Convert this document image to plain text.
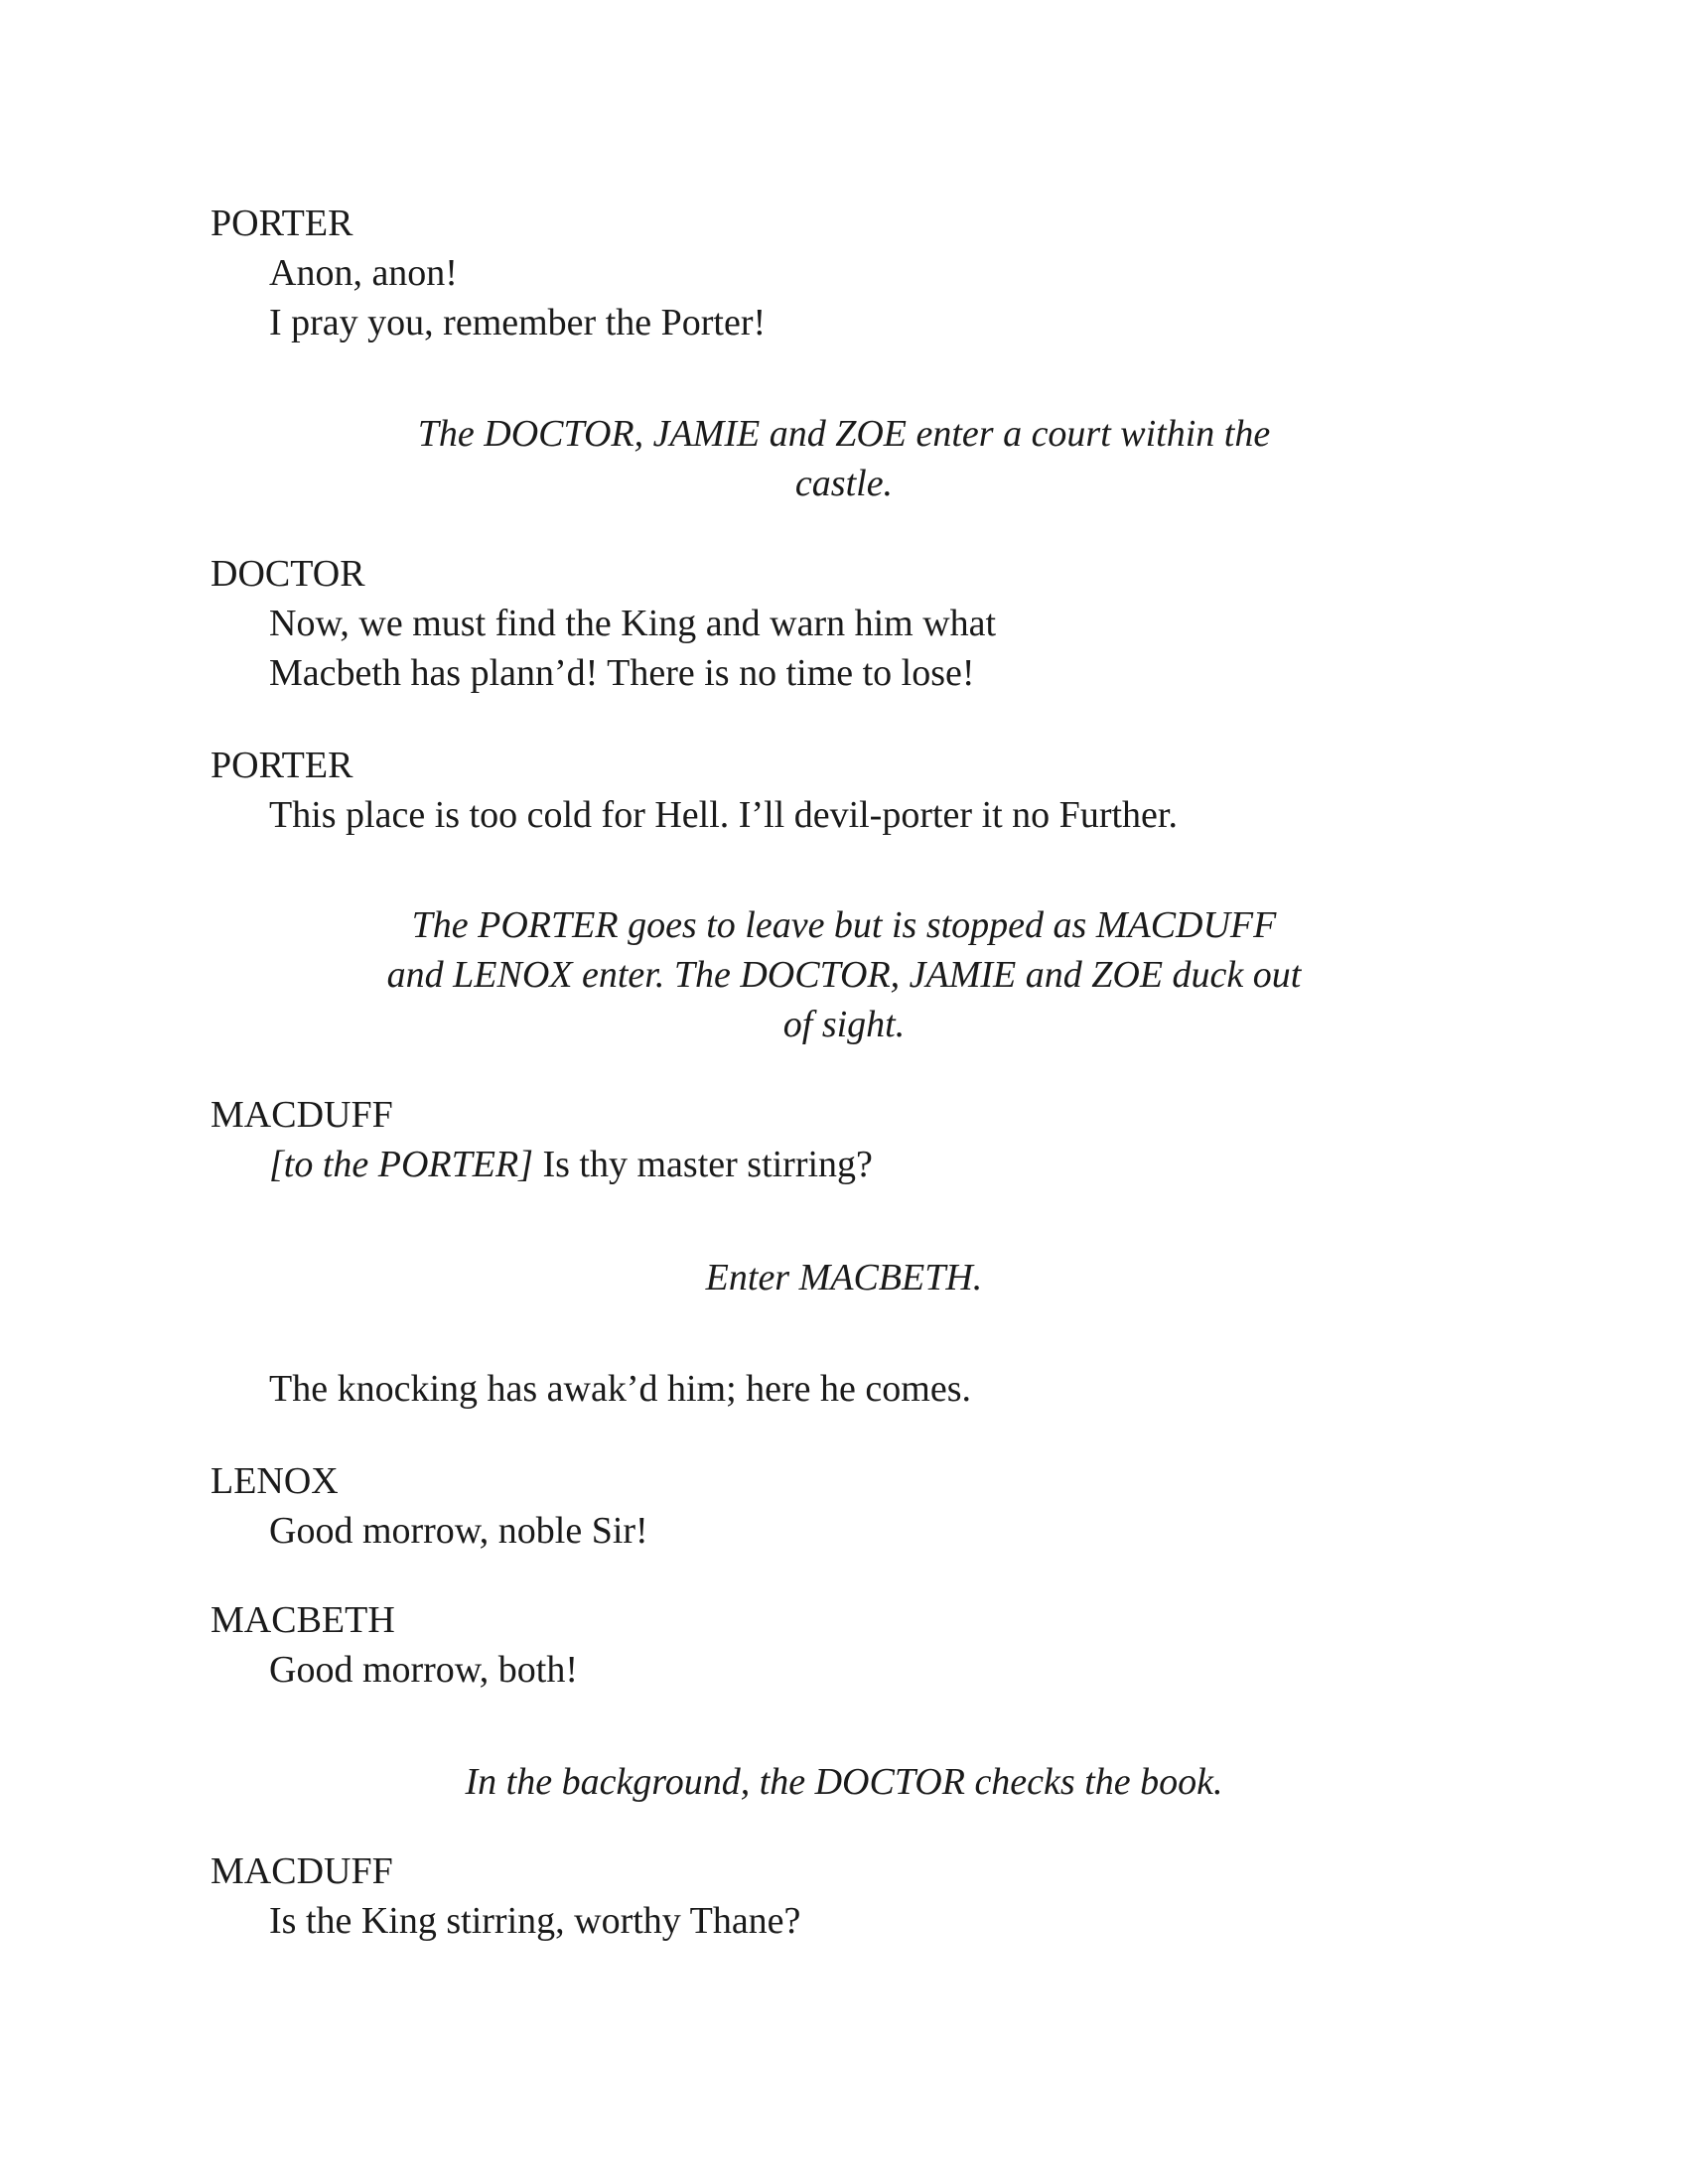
PORTER
Anon, anon!
I pray you, remember the Porter!
The DOCTOR, JAMIE and ZOE enter a court within the
castle.
DOCTOR
Now, we must find the King and warn him what
Macbeth has plann’d! There is no time to lose!
PORTER
This place is too cold for Hell. I’ll devil-porter it no Further.
The PORTER goes to leave but is stopped as MACDUFF
and LENOX enter. The DOCTOR, JAMIE and ZOE duck out
of sight.
MACDUFF
[to the PORTER] Is thy master stirring?
Enter MACBETH.
The knocking has awak’d him; here he comes.
LENOX
Good morrow, noble Sir!
MACBETH
Good morrow, both!
In the background, the DOCTOR checks the book.
MACDUFF
Is the King stirring, worthy Thane?
